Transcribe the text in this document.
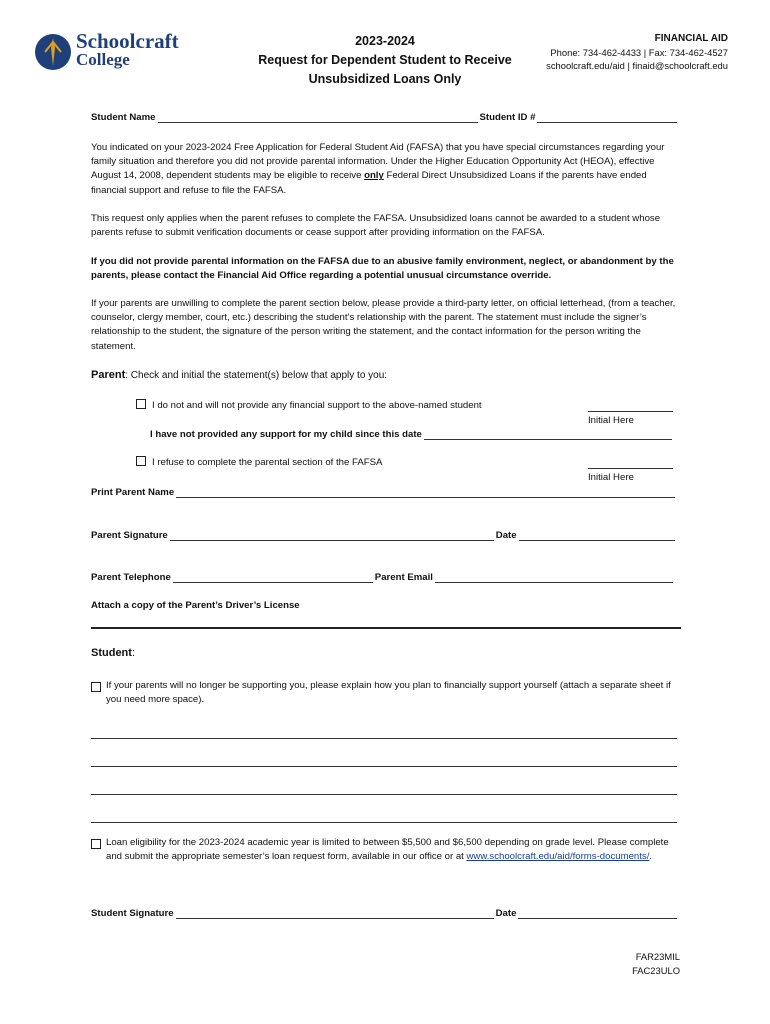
Schoolcraft
College
2023-2024
Request for Dependent Student to Receive
Unsubsidized Loans Only
FINANCIAL AID
Phone: 734-462-4433 | Fax: 734-462-4527
schoolcraft.edu/aid | finaid@schoolcraft.edu
Student Name	Student ID #
You indicated on your 2023-2024 Free Application for Federal Student Aid (FAFSA) that you have special circumstances regarding your family situation and therefore you did not provide parental information. Under the Higher Education Opportunity Act (HEOA), effective August 14, 2008, dependent students may be eligible to receive only Federal Direct Unsubsidized Loans if the parents have ended financial support and refuse to file the FAFSA.
This request only applies when the parent refuses to complete the FAFSA. Unsubsidized loans cannot be awarded to a student whose parents refuse to submit verification documents or cease support after providing information on the FAFSA.
If you did not provide parental information on the FAFSA due to an abusive family environment, neglect, or abandonment by the parents, please contact the Financial Aid Office regarding a potential unusual circumstance override.
If your parents are unwilling to complete the parent section below, please provide a third-party letter, on official letterhead, (from a teacher, counselor, clergy member, court, etc.) describing the student’s relationship with the parent. The statement must include the signer’s relationship to the student, the signature of the person writing the statement, and the contact information for the person writing the statement.
Parent: Check and initial the statement(s) below that apply to you:
I do not and will not provide any financial support to the above-named student
Initial Here
I have not provided any support for my child since this date
I refuse to complete the parental section of the FAFSA
Initial Here
Print Parent Name
Parent Signature	Date
Parent Telephone	Parent Email
Attach a copy of the Parent’s Driver’s License
Student:
If your parents will no longer be supporting you, please explain how you plan to financially support yourself (attach a separate sheet if you need more space).
Loan eligibility for the 2023-2024 academic year is limited to between $5,500 and $6,500 depending on grade level. Please complete and submit the appropriate semester’s loan request form, available in our office or at www.schoolcraft.edu/aid/forms-documents/.
Student Signature	Date
FAR23MIL
FAC23ULO
